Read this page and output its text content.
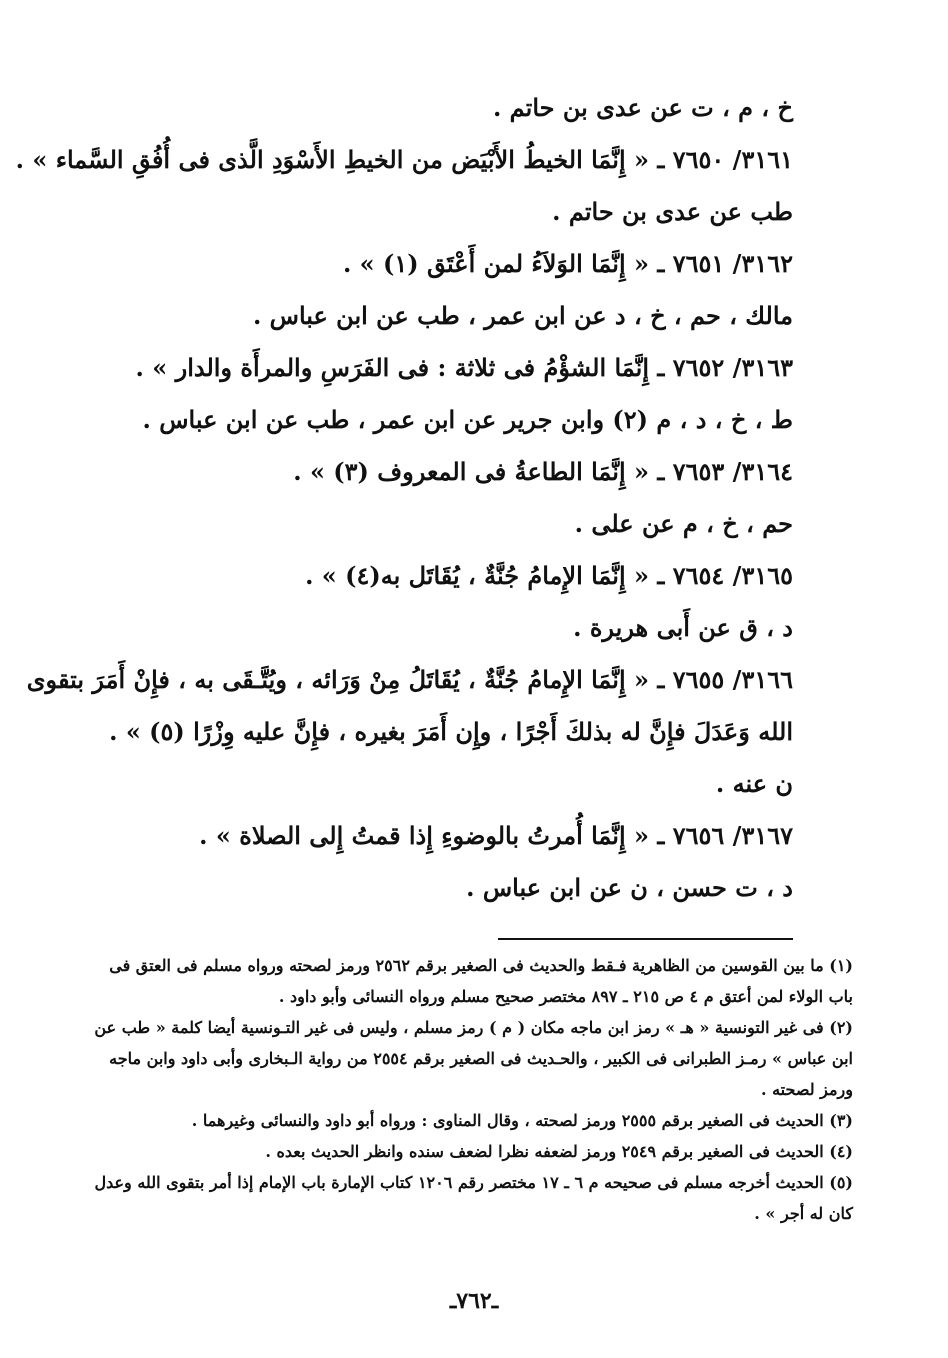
خ ، م ، ت عن عدى بن حاتم .
٣١٦١/ ٧٦٥٠ ـ « إِنَّمَا الخيطُ الأَبْيَض من الخيطِ الأَسْوَدِ الَّذى فى أُفُقِ السَّماء » .
طب عن عدى بن حاتم .
٣١٦٢/ ٧٦٥١ ـ « إِنَّمَا الوَلاَءُ لمن أَعْتَق (١) » .
مالك ، حم ، خ ، د عن ابن عمر ، طب عن ابن عباس .
٣١٦٣/ ٧٦٥٢ ـ إِنَّمَا الشؤْمُ فى ثلاثة : فى الفَرَسِ والمرأَة والدار » .
ط ، خ ، د ، م (٢) وابن جرير عن ابن عمر ، طب عن ابن عباس .
٣١٦٤/ ٧٦٥٣ ـ « إِنَّمَا الطاعةُ فى المعروف (٣) » .
حم ، خ ، م عن على .
٣١٦٥/ ٧٦٥٤ ـ « إِنَّمَا الإِمامُ جُنَّةٌ ، يُقَاتَل به(٤) » .
د ، ق عن أَبى هريرة .
٣١٦٦/ ٧٦٥٥ ـ « إِنَّمَا الإِمامُ جُنَّةٌ ، يُقَاتَلُ مِنْ وَرَائه ، ويُتَّـقَى به ، فإِنْ أَمَرَ بتقوى الله وَعَدَلَ فإِنَّ له بذلكَ أَجْرًا ، وإِن أَمَرَ بغيره ، فإِنَّ عليه وِزْرًا (٥) » .
ن عنه .
٣١٦٧/ ٧٦٥٦ ـ « إِنَّمَا أُمرتُ بالوضوءِ إِذا قمتُ إِلى الصلاة » .
د ، ت حسن ، ن عن ابن عباس .

(١) ما بين القوسين من الظاهرية فـقط والحديث فى الصغير برقم ٢٥٦٢ ورمز لصحته ورواه مسلم فى العتق فى باب الولاء لمن أعتق م ٤ ص ٢١٥ ـ ٨٩٧ مختصر صحيح مسلم ورواه النسائى وأبو داود .

(٢) فى غير التونسية « هـ » رمز ابن ماجه مكان ( م ) رمز مسلم ، وليس فى غير التـونسية أيضا كلمة « طب عن ابن عباس » رمـز الطبرانى فى الكبير ، والحـديث فى الصغير برقم ٢٥٥٤ من رواية الـبخارى وأبى داود وابن ماجه ورمز لصحته .

(٣) الحديث فى الصغير برقم ٢٥٥٥ ورمز لصحته ، وقال المناوى : ورواه أبو داود والنسائى وغيرهما .

(٤) الحديث فى الصغير برقم ٢٥٤٩ ورمز لضعفه نظرا لضعف سنده وانظر الحديث بعده .

(٥) الحديث أخرجه مسلم فى صحيحه م ٦ ـ ١٧ مختصر رقم ١٢٠٦ كتاب الإمارة باب الإمام إذا أمر بتقوى الله وعدل كان له أجر » .

ـ٧٦٢ـ
